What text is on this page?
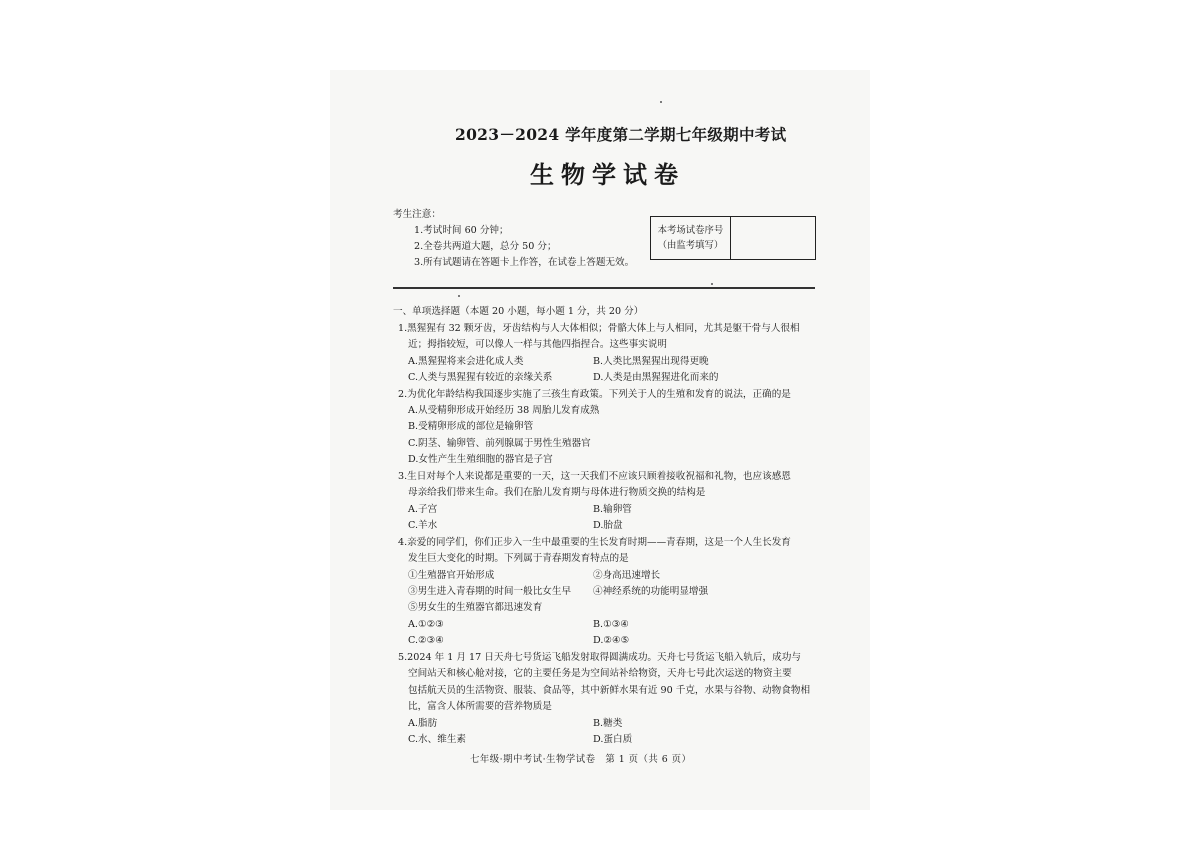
2023－2024 学年度第二学期七年级期中考试
生物学试卷
考生注意：
1.考试时间 60 分钟；
2.全卷共两道大题，总分 50 分；
3.所有试题请在答题卡上作答，在试卷上答题无效。
本考场试卷序号
（由监考填写）
一、单项选择题（本题 20 小题，每小题 1 分，共 20 分）
1.黑猩猩有 32 颗牙齿，牙齿结构与人大体相似；骨骼大体上与人相同，尤其是躯干骨与人很相
近；拇指较短，可以像人一样与其他四指捏合。这些事实说明
A.黑猩猩将来会进化成人类	B.人类比黑猩猩出现得更晚
C.人类与黑猩猩有较近的亲缘关系	D.人类是由黑猩猩进化而来的
2.为优化年龄结构我国逐步实施了三孩生育政策。下列关于人的生殖和发育的说法，正确的是
A.从受精卵形成开始经历 38 周胎儿发育成熟
B.受精卵形成的部位是输卵管
C.阴茎、输卵管、前列腺属于男性生殖器官
D.女性产生生殖细胞的器官是子宫
3.生日对每个人来说都是重要的一天，这一天我们不应该只顾着接收祝福和礼物，也应该感恩
母亲给我们带来生命。我们在胎儿发育期与母体进行物质交换的结构是
A.子宫	B.输卵管
C.羊水	D.胎盘
4.亲爱的同学们，你们正步入一生中最重要的生长发育时期——青春期，这是一个人生长发育
发生巨大变化的时期。下列属于青春期发育特点的是
①生殖器官开始形成	②身高迅速增长
③男生进入青春期的时间一般比女生早 ④神经系统的功能明显增强
⑤男女生的生殖器官都迅速发育
A.①②③	B.①③④
C.②③④	D.②④⑤
5.2024 年 1 月 17 日天舟七号货运飞船发射取得圆满成功。天舟七号货运飞船入轨后，成功与
空间站天和核心舱对接，它的主要任务是为空间站补给物资，天舟七号此次运送的物资主要
包括航天员的生活物资、服装、食品等，其中新鲜水果有近 90 千克，水果与谷物、动物食物相
比，富含人体所需要的营养物质是
A.脂肪	B.糖类
C.水、维生素	D.蛋白质
七年级·期中考试·生物学试卷　第 1 页（共 6 页）
